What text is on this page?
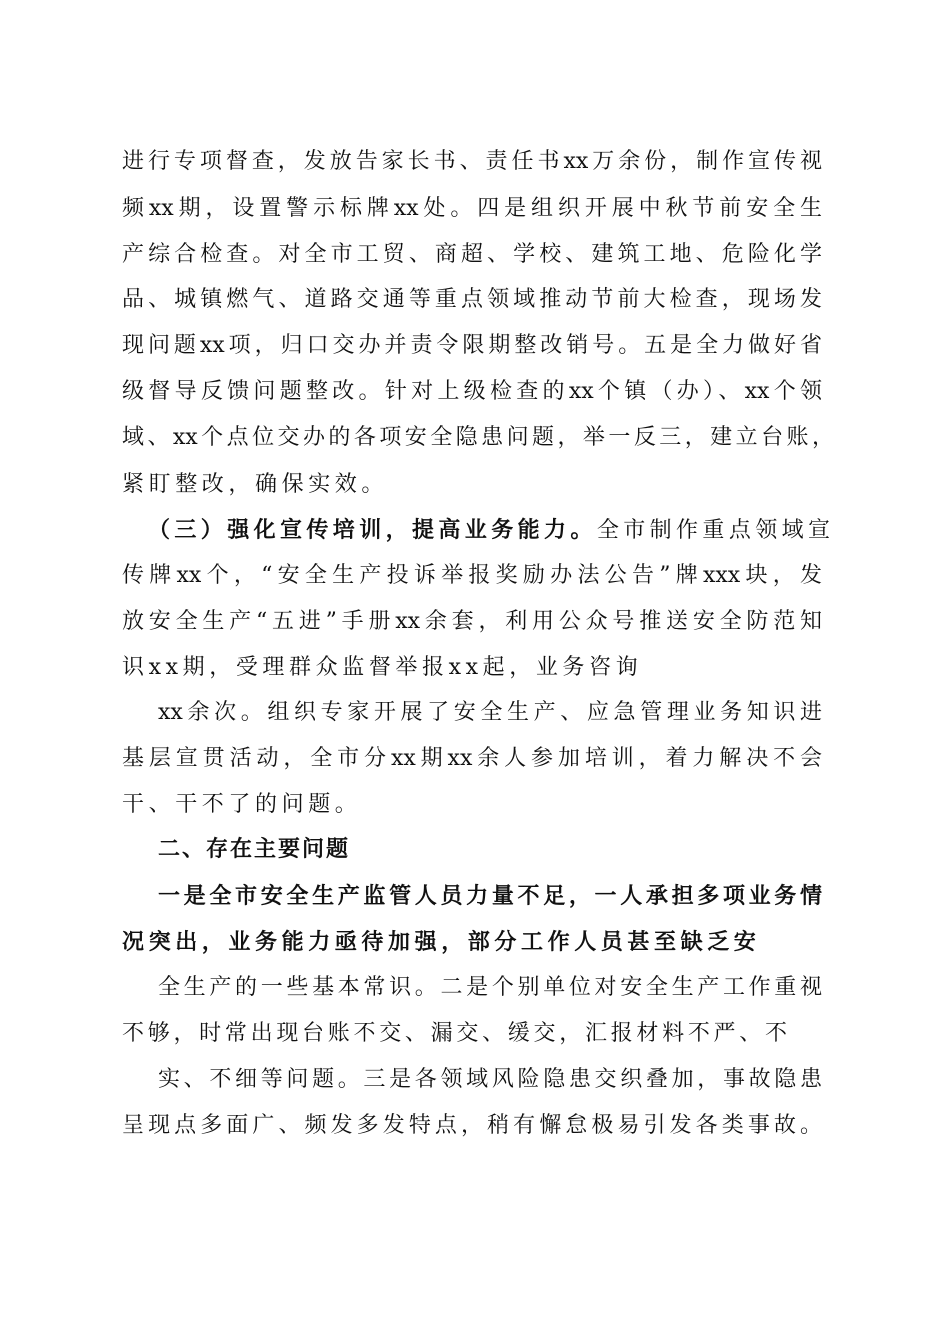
进行专项督查，发放告家长书、责任书xx万余份，制作宣传视
频xx期，设置警示标牌xx处。四是组织开展中秋节前安全生
产综合检查。对全市工贸、商超、学校、建筑工地、危险化学
品、城镇燃气、道路交通等重点领域推动节前大检查，现场发
现问题xx项，归口交办并责令限期整改销号。五是全力做好省
级督导反馈问题整改。针对上级检查的xx个镇（办）、xx个领
域、xx个点位交办的各项安全隐患问题，举一反三，建立台账，
紧盯整改，确保实效。
（三）强化宣传培训，提高业务能力。全市制作重点领域宣
传牌xx个，“安全生产投诉举报奖励办法公告”牌xxx块，发
放安全生产“五进”手册xx余套，利用公众号推送安全防范知
识xx期，受理群众监督举报xx起，业务咨询
xx余次。组织专家开展了安全生产、应急管理业务知识进
基层宣贯活动，全市分xx期xx余人参加培训，着力解决不会
干、干不了的问题。
二、存在主要问题
一是全市安全生产监管人员力量不足，一人承担多项业务情
况突出，业务能力亟待加强，部分工作人员甚至缺乏安
全生产的一些基本常识。二是个别单位对安全生产工作重视
不够，时常出现台账不交、漏交、缓交，汇报材料不严、不
实、不细等问题。三是各领域风险隐患交织叠加，事故隐患
呈现点多面广、频发多发特点，稍有懈怠极易引发各类事故。
